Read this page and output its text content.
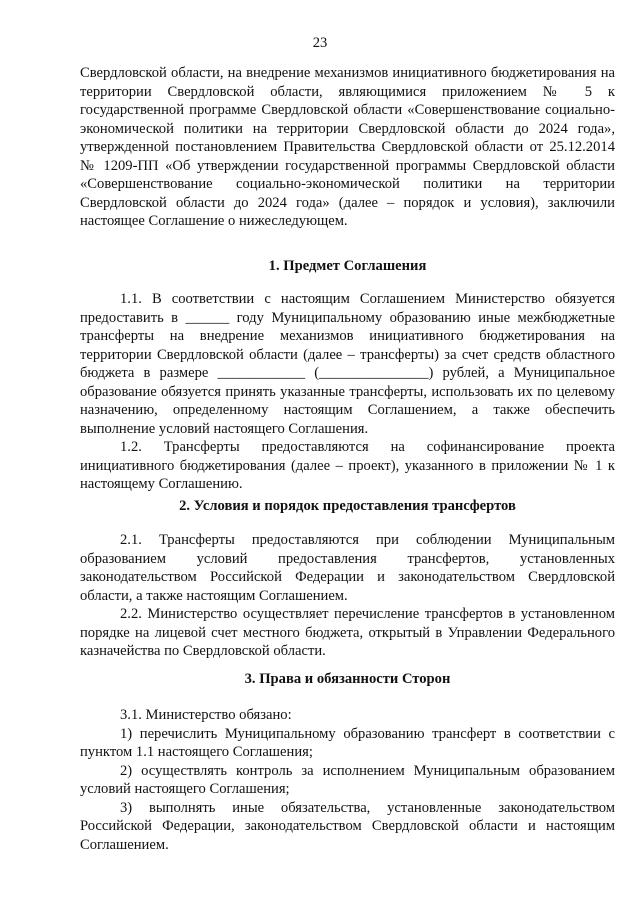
23

Свердловской области, на внедрение механизмов инициативного бюджетирования на территории Свердловской области, являющимися приложением № 5 к государственной программе Свердловской области «Совершенствование социально-экономической политики на территории Свердловской области до 2024 года», утвержденной постановлением Правительства Свердловской области от 25.12.2014 № 1209-ПП «Об утверждении государственной программы Свердловской области «Совершенствование социально-экономической политики на территории Свердловской области до 2024 года» (далее – порядок и условия), заключили настоящее Соглашение о нижеследующем.

1. Предмет Соглашения

1.1. В соответствии с настоящим Соглашением Министерство обязуется предоставить в ______ году Муниципальному образованию иные межбюджетные трансферты на внедрение механизмов инициативного бюджетирования на территории Свердловской области (далее – трансферты) за счет средств областного бюджета в размере ____________ (_______________) рублей, а Муниципальное образование обязуется принять указанные трансферты, использовать их по целевому назначению, определенному настоящим Соглашением, а также обеспечить выполнение условий настоящего Соглашения.

1.2. Трансферты предоставляются на софинансирование проекта инициативного бюджетирования (далее – проект), указанного в приложении № 1 к настоящему Соглашению.

2. Условия и порядок предоставления трансфертов

2.1. Трансферты предоставляются при соблюдении Муниципальным образованием условий предоставления трансфертов, установленных законодательством Российской Федерации и законодательством Свердловской области, а также настоящим Соглашением.

2.2. Министерство осуществляет перечисление трансфертов в установленном порядке на лицевой счет местного бюджета, открытый в Управлении Федерального казначейства по Свердловской области.

3. Права и обязанности Сторон

3.1. Министерство обязано:

1) перечислить Муниципальному образованию трансферт в соответствии с пунктом 1.1 настоящего Соглашения;

2) осуществлять контроль за исполнением Муниципальным образованием условий настоящего Соглашения;

3) выполнять иные обязательства, установленные законодательством Российской Федерации, законодательством Свердловской области и настоящим Соглашением.
